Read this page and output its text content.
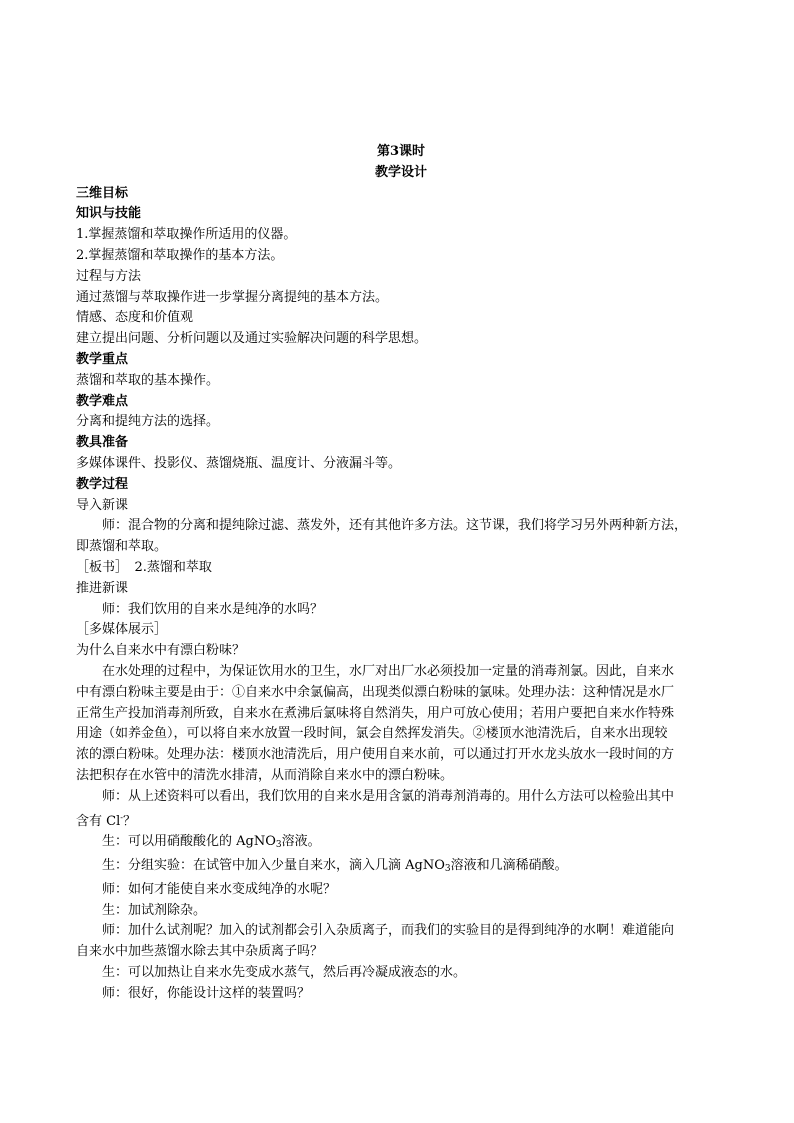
第3课时

教学设计

三维目标

知识与技能

1.掌握蒸馏和萃取操作所适用的仪器。

2.掌握蒸馏和萃取操作的基本方法。

过程与方法

通过蒸馏与萃取操作进一步掌握分离提纯的基本方法。

情感、态度和价值观

建立提出问题、分析问题以及通过实验解决问题的科学思想。

教学重点

蒸馏和萃取的基本操作。

教学难点

分离和提纯方法的选择。

教具准备

多媒体课件、投影仪、蒸馏烧瓶、温度计、分液漏斗等。

教学过程

导入新课

师：混合物的分离和提纯除过滤、蒸发外，还有其他许多方法。这节课，我们将学习另外两种新方法，

即蒸馏和萃取。

［板书］　2.蒸馏和萃取

推进新课

师：我们饮用的自来水是纯净的水吗？

［多媒体展示］

为什么自来水中有漂白粉味？

在水处理的过程中，为保证饮用水的卫生，水厂对出厂水必须投加一定量的消毒剂氯。因此，自来水

中有漂白粉味主要是由于：①自来水中余氯偏高，出现类似漂白粉味的氯味。处理办法：这种情况是水厂

正常生产投加消毒剂所致，自来水在煮沸后氯味将自然消失，用户可放心使用；若用户要把自来水作特殊

用途（如养金鱼），可以将自来水放置一段时间，氯会自然挥发消失。②楼顶水池清洗后，自来水出现较

浓的漂白粉味。处理办法：楼顶水池清洗后，用户使用自来水前，可以通过打开水龙头放水一段时间的方

法把积存在水管中的清洗水排清，从而消除自来水中的漂白粉味。

师：从上述资料可以看出，我们饮用的自来水是用含氯的消毒剂消毒的。用什么方法可以检验出其中

含有 Cl-？

生：可以用硝酸酸化的 AgNO$_3$溶液。

生：分组实验：在试管中加入少量自来水，滴入几滴 AgNO$_3$溶液和几滴稀硝酸。

师：如何才能使自来水变成纯净的水呢？

生：加试剂除杂。

师：加什么试剂呢？加入的试剂都会引入杂质离子，而我们的实验目的是得到纯净的水啊！难道能向

自来水中加些蒸馏水除去其中杂质离子吗？

生：可以加热让自来水先变成水蒸气，然后再冷凝成液态的水。

师：很好，你能设计这样的装置吗？
